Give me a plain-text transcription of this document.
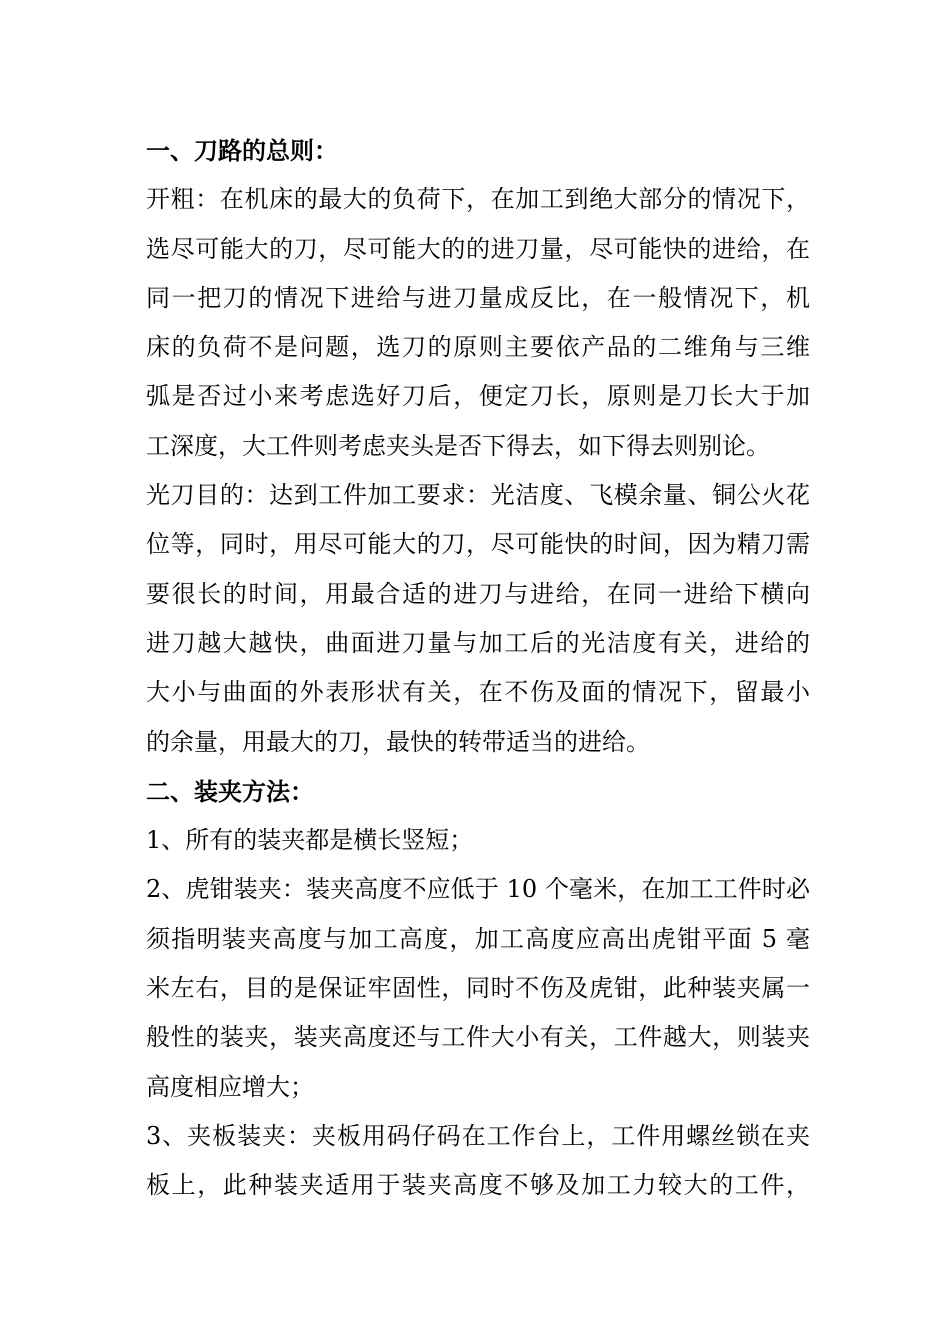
一、刀路的总则：
开粗：在机床的最大的负荷下，在加工到绝大部分的情况下，
选尽可能大的刀，尽可能大的的进刀量，尽可能快的进给，在
同一把刀的情况下进给与进刀量成反比，在一般情况下，机
床的负荷不是问题，选刀的原则主要依产品的二维角与三维
弧是否过小来考虑选好刀后，便定刀长，原则是刀长大于加
工深度，大工件则考虑夹头是否下得去，如下得去则别论。
光刀目的：达到工件加工要求：光洁度、飞模余量、铜公火花
位等，同时，用尽可能大的刀，尽可能快的时间，因为精刀需
要很长的时间，用最合适的进刀与进给，在同一进给下横向
进刀越大越快，曲面进刀量与加工后的光洁度有关，进给的
大小与曲面的外表形状有关，在不伤及面的情况下，留最小
的余量，用最大的刀，最快的转带适当的进给。
二、装夹方法：
1、所有的装夹都是横长竖短；
2、虎钳装夹：装夹高度不应低于 10 个毫米，在加工工件时必
须指明装夹高度与加工高度，加工高度应高出虎钳平面 5 毫
米左右，目的是保证牢固性，同时不伤及虎钳，此种装夹属一
般性的装夹，装夹高度还与工件大小有关，工件越大，则装夹
高度相应增大；
3、夹板装夹：夹板用码仔码在工作台上，工件用螺丝锁在夹
板上，此种装夹适用于装夹高度不够及加工力较大的工件，
